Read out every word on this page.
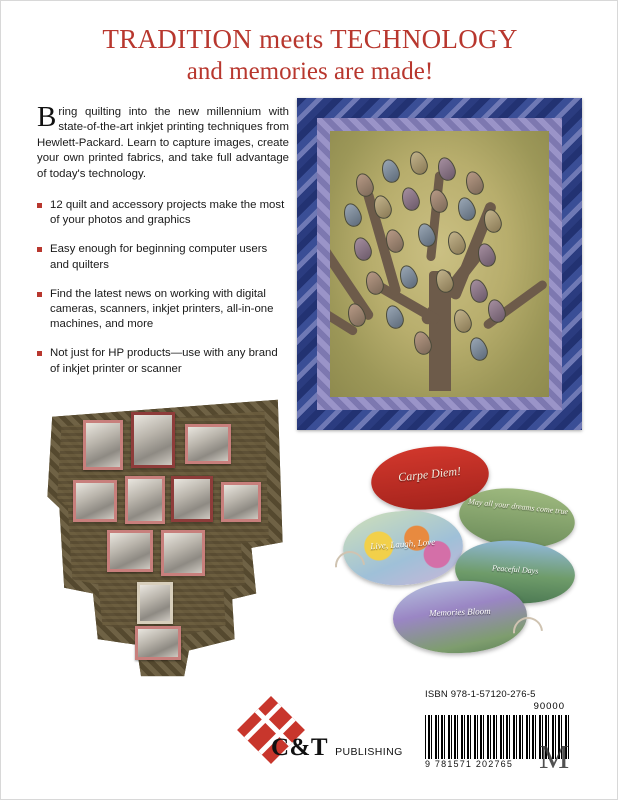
TRADITION meets TECHNOLOGY
and memories are made!

Bring quilting into the new millennium with state-of-the-art inkjet printing techniques from Hewlett-Packard. Learn to capture images, create your own printed fabrics, and take full advantage of today's technology.

12 quilt and accessory projects make the most of your photos and graphics
Easy enough for beginning computer users and quilters
Find the latest news on working with digital cameras, scanners, inkjet printers, all-in-one machines, and more
Not just for HP products—use with any brand of inkjet printer or scanner
Carpe Diem!
May all your dreams come true
Live, Laugh, Love
Peaceful Days
Memories Bloom
C&T PUBLISHING
ISBN 978-1-57120-276-5
90000
9 781571 202765 M
